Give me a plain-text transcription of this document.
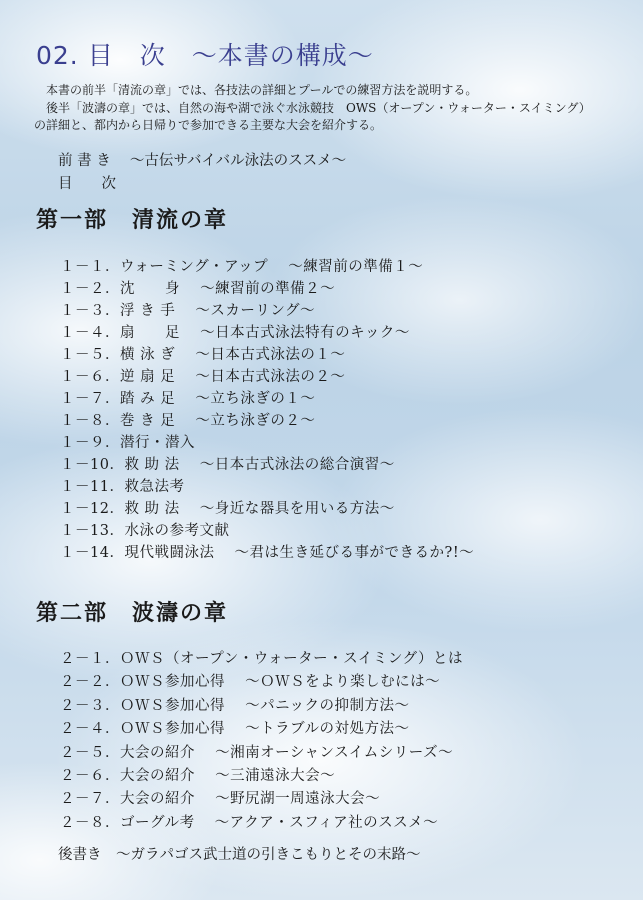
02. 目　次　～本書の構成～

　本書の前半「清流の章」では、各技法の詳細とプールでの練習方法を説明する。

　後半「波濤の章」では、自然の海や湖で泳ぐ水泳競技　OWS（オープン・ウォーター・スイミング）

の詳細と、都内から日帰りで参加できる主要な大会を紹介する。

前 書 き　 ～古伝サバイバル泳法のススメ～
目　　次
第一部　清流の章
１－１．ウォーミング・アップ　 ～練習前の準備１～
１－２．沈　　身　 ～練習前の準備２～
１－３．浮 き 手　 ～スカーリング～
１－４．扇　　足　 ～日本古式泳法特有のキック～
１－５．横 泳 ぎ　 ～日本古式泳法の１～
１－６．逆 扇 足　 ～日本古式泳法の２～
１－７．踏 み 足　 ～立ち泳ぎの１～
１－８．巻 き 足　 ～立ち泳ぎの２～
１－９．潜行・潜入
１－10．救 助 法　 ～日本古式泳法の総合演習～
１－11．救急法考
１－12．救 助 法　 ～身近な器具を用いる方法～
１－13．水泳の参考文献
１－14．現代戦闘泳法　 ～君は生き延びる事ができるか?!～
第二部　波濤の章
２－１．ＯＷＳ（オープン・ウォーター・スイミング）とは
２－２．ＯＷＳ参加心得　 ～ＯＷＳをより楽しむには～
２－３．ＯＷＳ参加心得　 ～パニックの抑制方法～
２－４．ＯＷＳ参加心得　 ～トラブルの対処方法～
２－５．大会の紹介　 ～湘南オーシャンスイムシリーズ～
２－６．大会の紹介　 ～三浦遠泳大会～
２－７．大会の紹介　 ～野尻湖一周遠泳大会～
２－８．ゴーグル考　 ～アクア・スフィア社のススメ～
後書き　～ガラパゴス武士道の引きこもりとその末路～
